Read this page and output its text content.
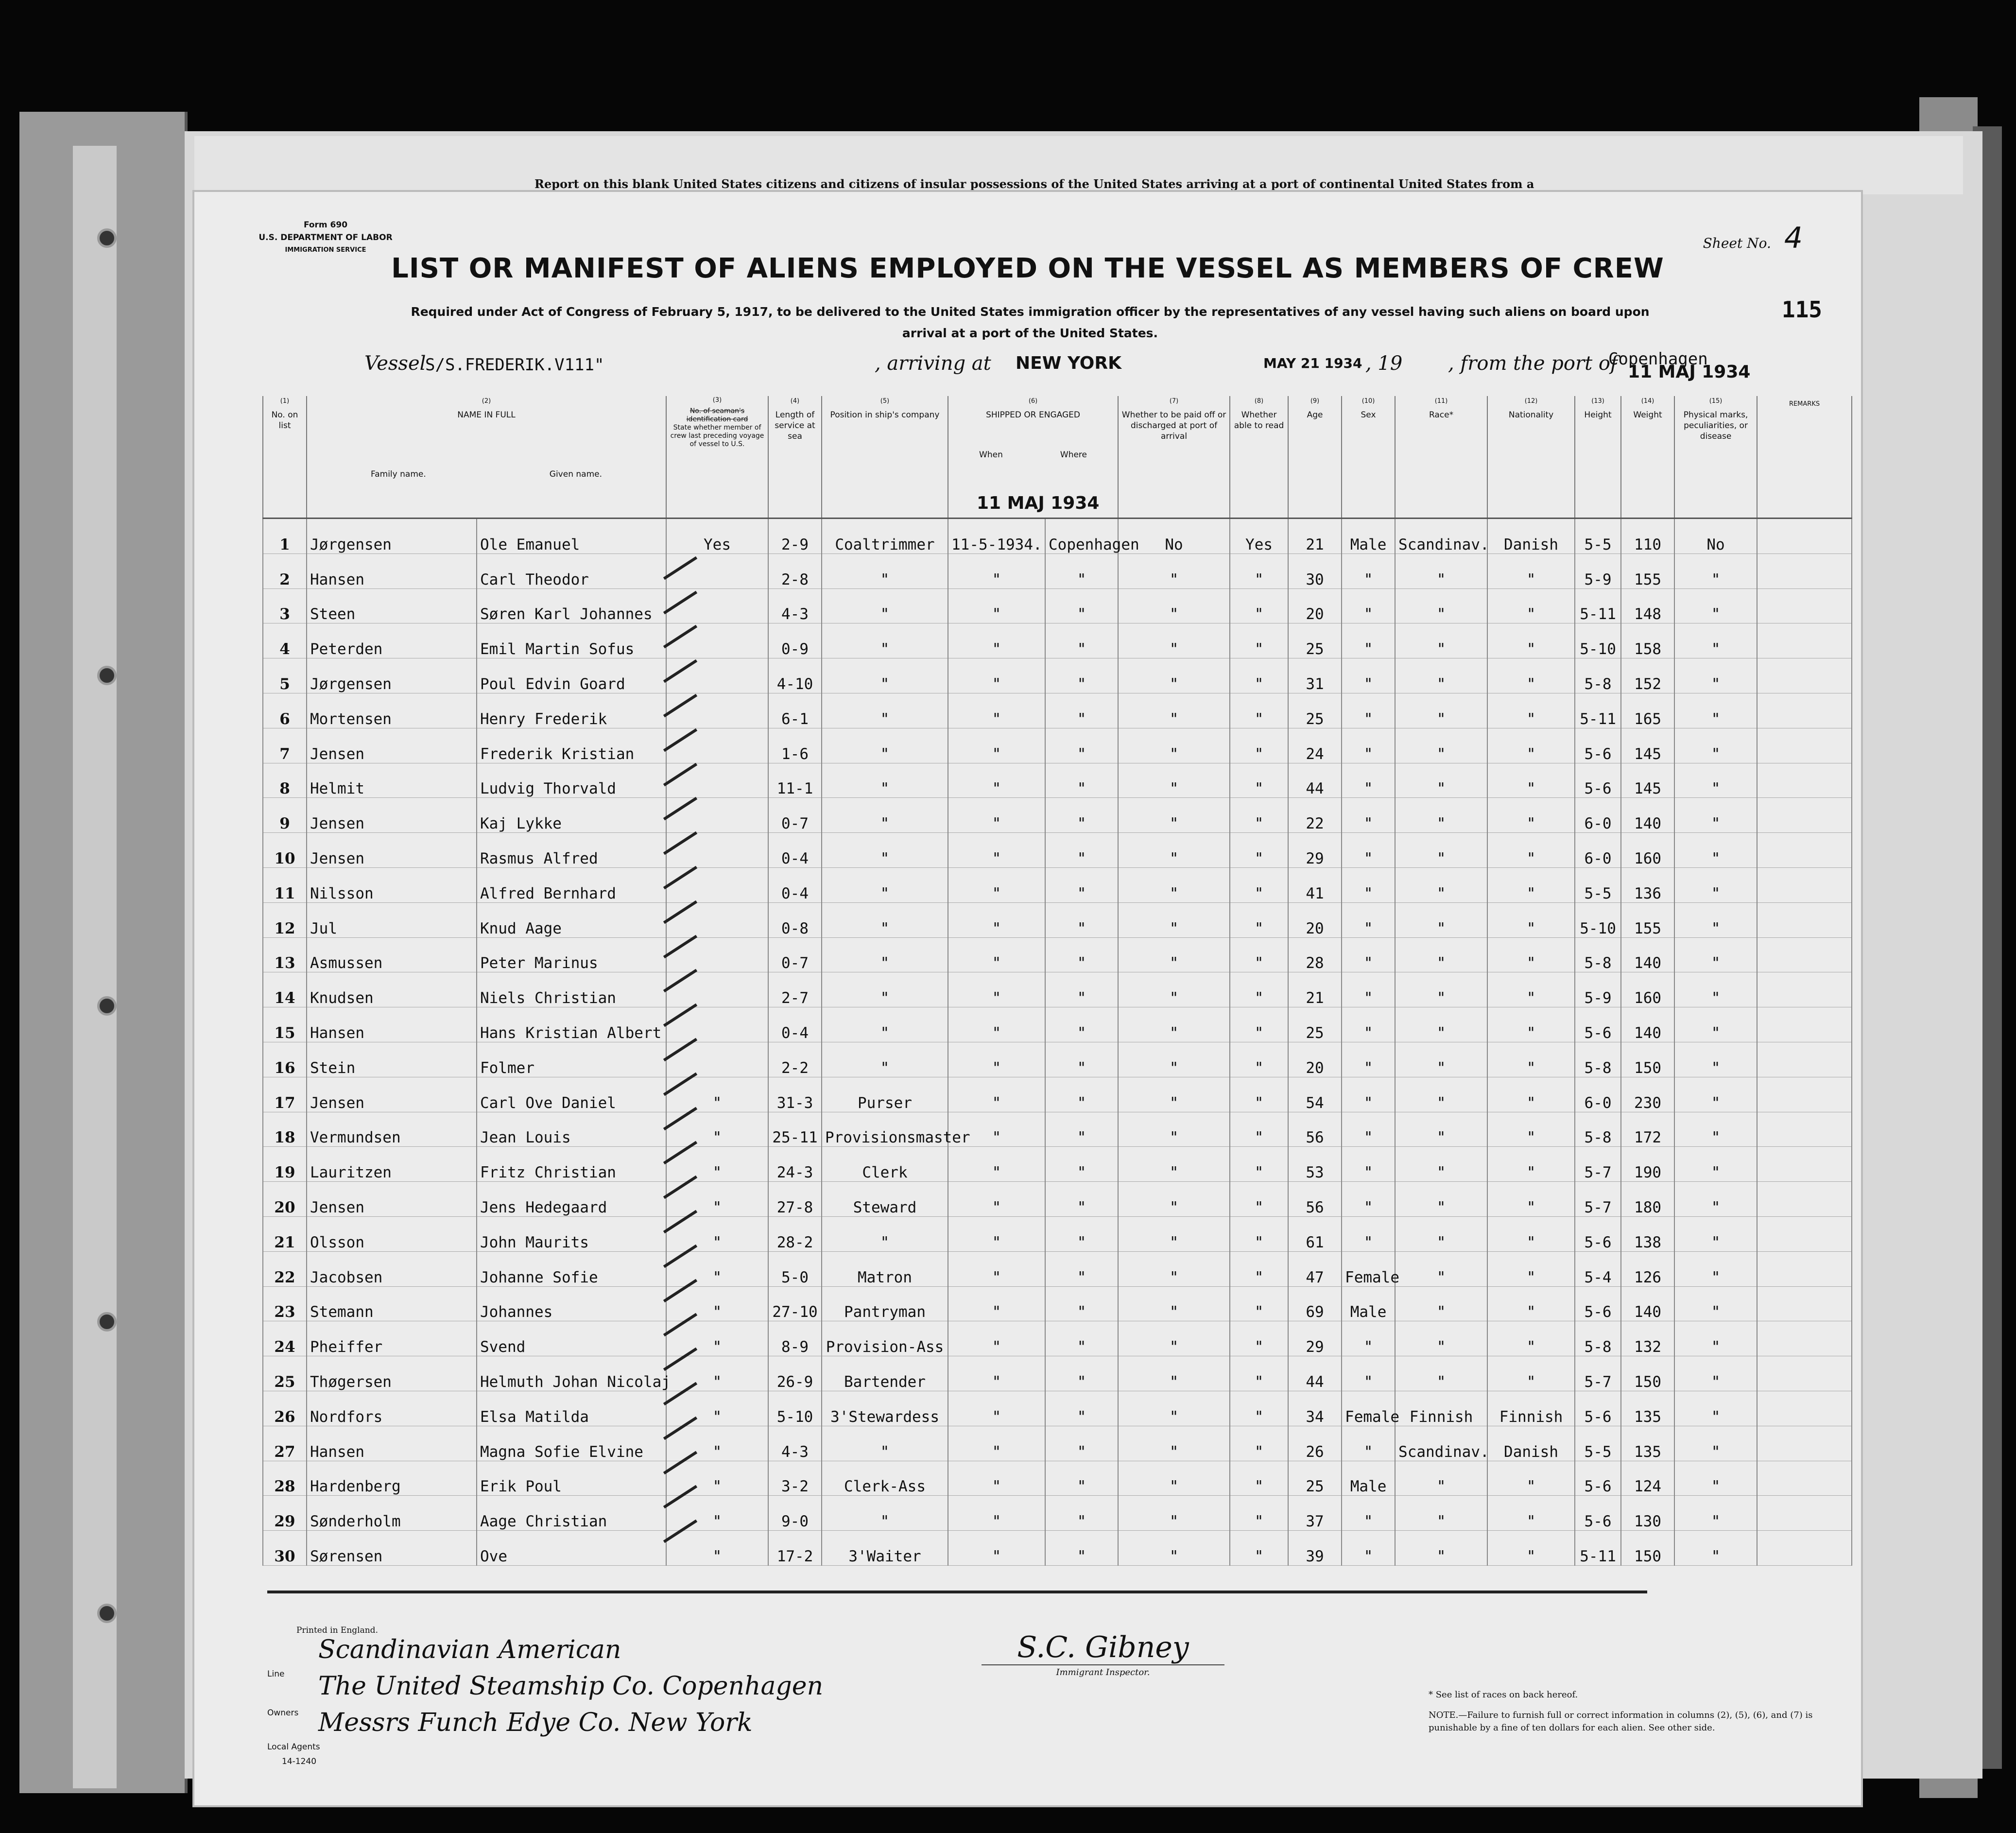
Report on this blank United States citizens and citizens of insular possessions of the United States arriving at a port of continental United States from a
Form 690
U.S. DEPARTMENT OF LABOR
IMMIGRATION SERVICE	Sheet No. 4
115
LIST OR MANIFEST OF ALIENS EMPLOYED ON THE VESSEL AS MEMBERS OF CREW
Required under Act of Congress of February 5, 1917, to be delivered to the United States immigration officer by the representatives of any vessel having such aliens on board upon arrival at a port of the United States.
Vessel
S/S.FREDERIK.V111"	, arriving at NEW YORK	MAY 21 1934 , 19 , from the port of
Copenhagen
11 MAJ 1934
(1)
No. on list	(2)
NAME IN FULL
Family name. Given name.		(3)
No. of seaman's identification card
State whether member of crew last preceding voyage of vessel to U.S.	(4)
Length of service at sea	(5)
Position in ship's company	(6)
SHIPPED OR ENGAGED
When Where		(7)
Whether to be paid off or discharged at port of arrival	(8)
Whether able to read	(9)
Age	(10)
Sex	(11)
Race*	(12)
Nationality	(13)
Height	(14)
Weight	(15)
Physical marks, peculiarities, or disease	REMARKS
1	Jørgensen	Ole Emanuel	Yes	2-9	Coaltrimmer	11-5-1934.	Copenhagen	No	Yes	21	Male	Scandinav.	Danish	5-5	110	No	
2	Hansen	Carl Theodor		2-8	"	"	"	"	"	30	"	"	"	5-9	155	"	
3	Steen	Søren Karl Johannes		4-3	"	"	"	"	"	20	"	"	"	5-11	148	"	
4	Peterden	Emil Martin Sofus		0-9	"	"	"	"	"	25	"	"	"	5-10	158	"	
5	Jørgensen	Poul Edvin Goard		4-10	"	"	"	"	"	31	"	"	"	5-8	152	"	
6	Mortensen	Henry Frederik		6-1	"	"	"	"	"	25	"	"	"	5-11	165	"	
7	Jensen	Frederik Kristian		1-6	"	"	"	"	"	24	"	"	"	5-6	145	"	
8	Helmit	Ludvig Thorvald		11-1	"	"	"	"	"	44	"	"	"	5-6	145	"	
9	Jensen	Kaj Lykke		0-7	"	"	"	"	"	22	"	"	"	6-0	140	"	
10	Jensen	Rasmus Alfred		0-4	"	"	"	"	"	29	"	"	"	6-0	160	"	
11	Nilsson	Alfred Bernhard		0-4	"	"	"	"	"	41	"	"	"	5-5	136	"	
12	Jul	Knud Aage		0-8	"	"	"	"	"	20	"	"	"	5-10	155	"	
13	Asmussen	Peter Marinus		0-7	"	"	"	"	"	28	"	"	"	5-8	140	"	
14	Knudsen	Niels Christian		2-7	"	"	"	"	"	21	"	"	"	5-9	160	"	
15	Hansen	Hans Kristian Albert		0-4	"	"	"	"	"	25	"	"	"	5-6	140	"	
16	Stein	Folmer		2-2	"	"	"	"	"	20	"	"	"	5-8	150	"	
17	Jensen	Carl Ove Daniel	"	31-3	Purser	"	"	"	"	54	"	"	"	6-0	230	"	
18	Vermundsen	Jean Louis	"	25-11	Provisionsmaster	"	"	"	"	56	"	"	"	5-8	172	"	
19	Lauritzen	Fritz Christian	"	24-3	Clerk	"	"	"	"	53	"	"	"	5-7	190	"	
20	Jensen	Jens Hedegaard	"	27-8	Steward	"	"	"	"	56	"	"	"	5-7	180	"	
21	Olsson	John Maurits	"	28-2	"	"	"	"	"	61	"	"	"	5-6	138	"	
22	Jacobsen	Johanne Sofie	"	5-0	Matron	"	"	"	"	47	Female	"	"	5-4	126	"	
23	Stemann	Johannes	"	27-10	Pantryman	"	"	"	"	69	Male	"	"	5-6	140	"	
24	Pheiffer	Svend	"	8-9	Provision-Ass	"	"	"	"	29	"	"	"	5-8	132	"	
25	Thøgersen	Helmuth Johan Nicolaj	"	26-9	Bartender	"	"	"	"	44	"	"	"	5-7	150	"	
26	Nordfors	Elsa Matilda	"	5-10	3'Stewardess	"	"	"	"	34	Female	Finnish	Finnish	5-6	135	"	
27	Hansen	Magna Sofie Elvine	"	4-3	"	"	"	"	"	26	"	Scandinav.	Danish	5-5	135	"	
28	Hardenberg	Erik Poul	"	3-2	Clerk-Ass	"	"	"	"	25	Male	"	"	5-6	124	"	
29	Sønderholm	Aage Christian	"	9-0	"	"	"	"	"	37	"	"	"	5-6	130	"	
30	Sørensen	Ove	"	17-2	3'Waiter	"	"	"	"	39	"	"	"	5-11	150	"	
11 MAJ 1934
Printed in England.
Line
Scandinavian American
Owners
The United Steamship Co. Copenhagen
Local Agents
Messrs Funch Edye Co. New York
14-1240
S.C. Gibney
Immigrant Inspector.
* See list of races on back hereof.
NOTE.—Failure to furnish full or correct information in columns (2), (5), (6), and (7) is punishable by a fine of ten dollars for each alien. See other side.
